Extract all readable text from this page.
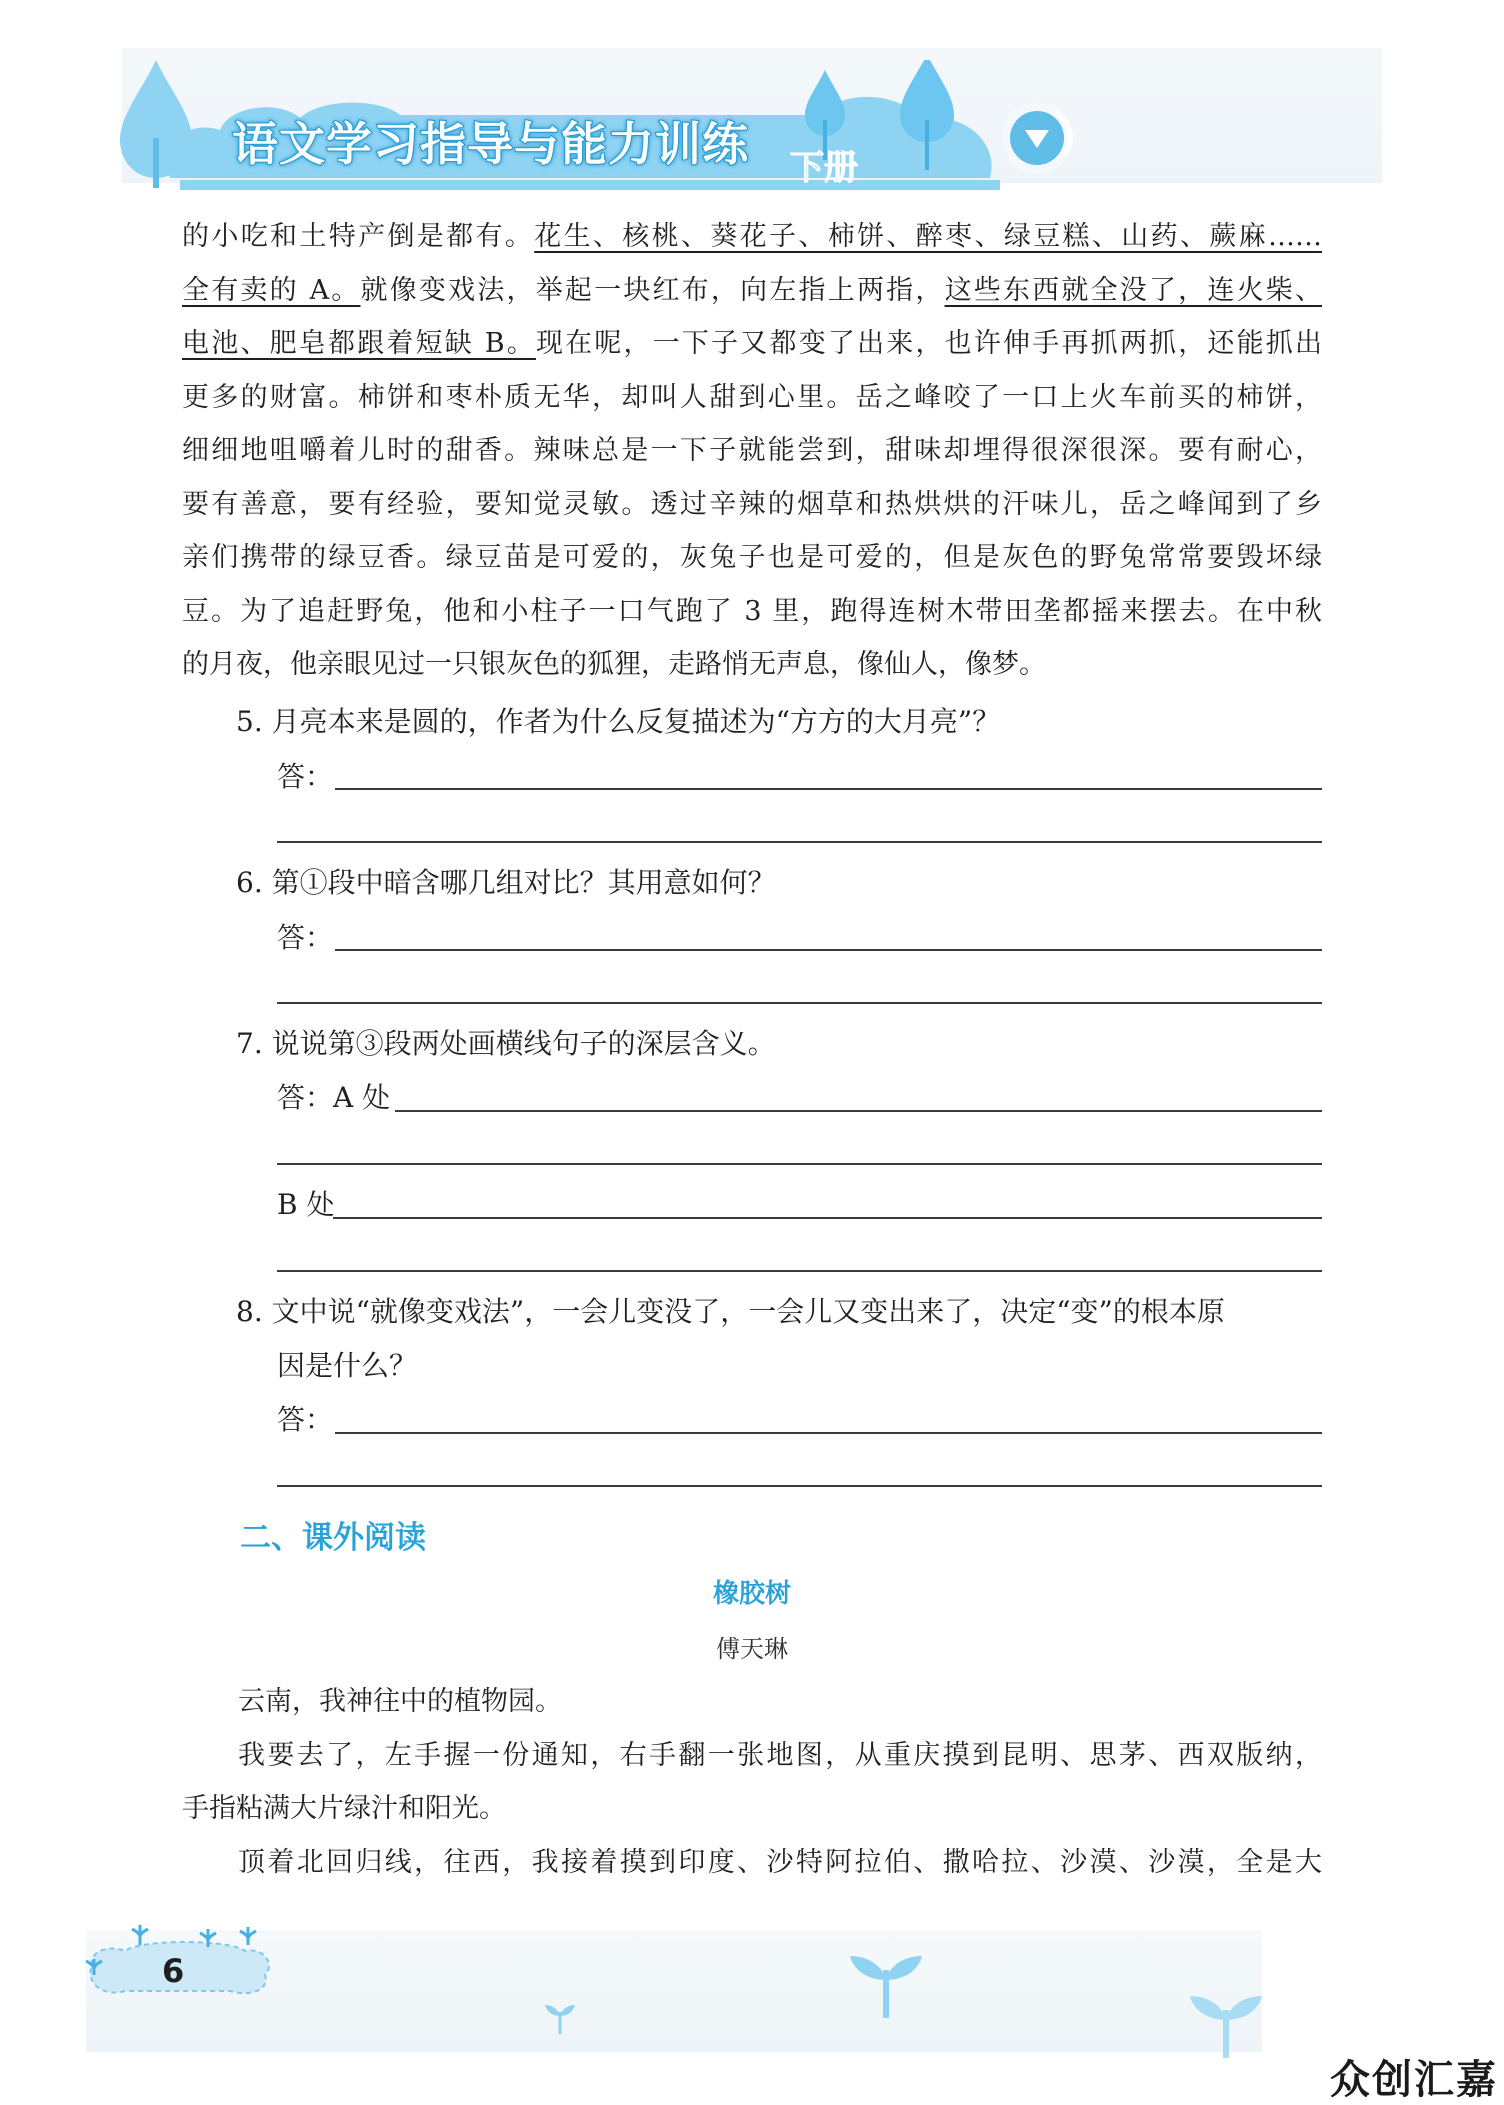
语文学习指导与能力训练 下册

的小吃和土特产倒是都有。花生、核桃、葵花子、柿饼、醉枣、绿豆糕、山药、蕨麻……

全有卖的 A。就像变戏法，举起一块红布，向左指上两指，这些东西就全没了，连火柴、

电池、肥皂都跟着短缺 B。现在呢，一下子又都变了出来，也许伸手再抓两抓，还能抓出

更多的财富。柿饼和枣朴质无华，却叫人甜到心里。岳之峰咬了一口上火车前买的柿饼，

细细地咀嚼着儿时的甜香。辣味总是一下子就能尝到，甜味却埋得很深很深。要有耐心，

要有善意，要有经验，要知觉灵敏。透过辛辣的烟草和热烘烘的汗味儿，岳之峰闻到了乡

亲们携带的绿豆香。绿豆苗是可爱的，灰兔子也是可爱的，但是灰色的野兔常常要毁坏绿

豆。为了追赶野兔，他和小柱子一口气跑了 3 里，跑得连树木带田垄都摇来摆去。在中秋

的月夜，他亲眼见过一只银灰色的狐狸，走路悄无声息，像仙人，像梦。

5. 月亮本来是圆的，作者为什么反复描述为“方方的大月亮”？
答：
6. 第①段中暗含哪几组对比？其用意如何？
答：
7. 说说第③段两处画横线句子的深层含义。
答：A 处
B 处
8. 文中说“就像变戏法”，一会儿变没了，一会儿又变出来了，决定“变”的根本原
因是什么？
答：
二、课外阅读
橡胶树
傅天琳

云南，我神往中的植物园。

我要去了，左手握一份通知，右手翻一张地图，从重庆摸到昆明、思茅、西双版纳，

手指粘满大片绿汁和阳光。

顶着北回归线，往西，我接着摸到印度、沙特阿拉伯、撒哈拉、沙漠、沙漠，全是大

6
众创汇嘉
